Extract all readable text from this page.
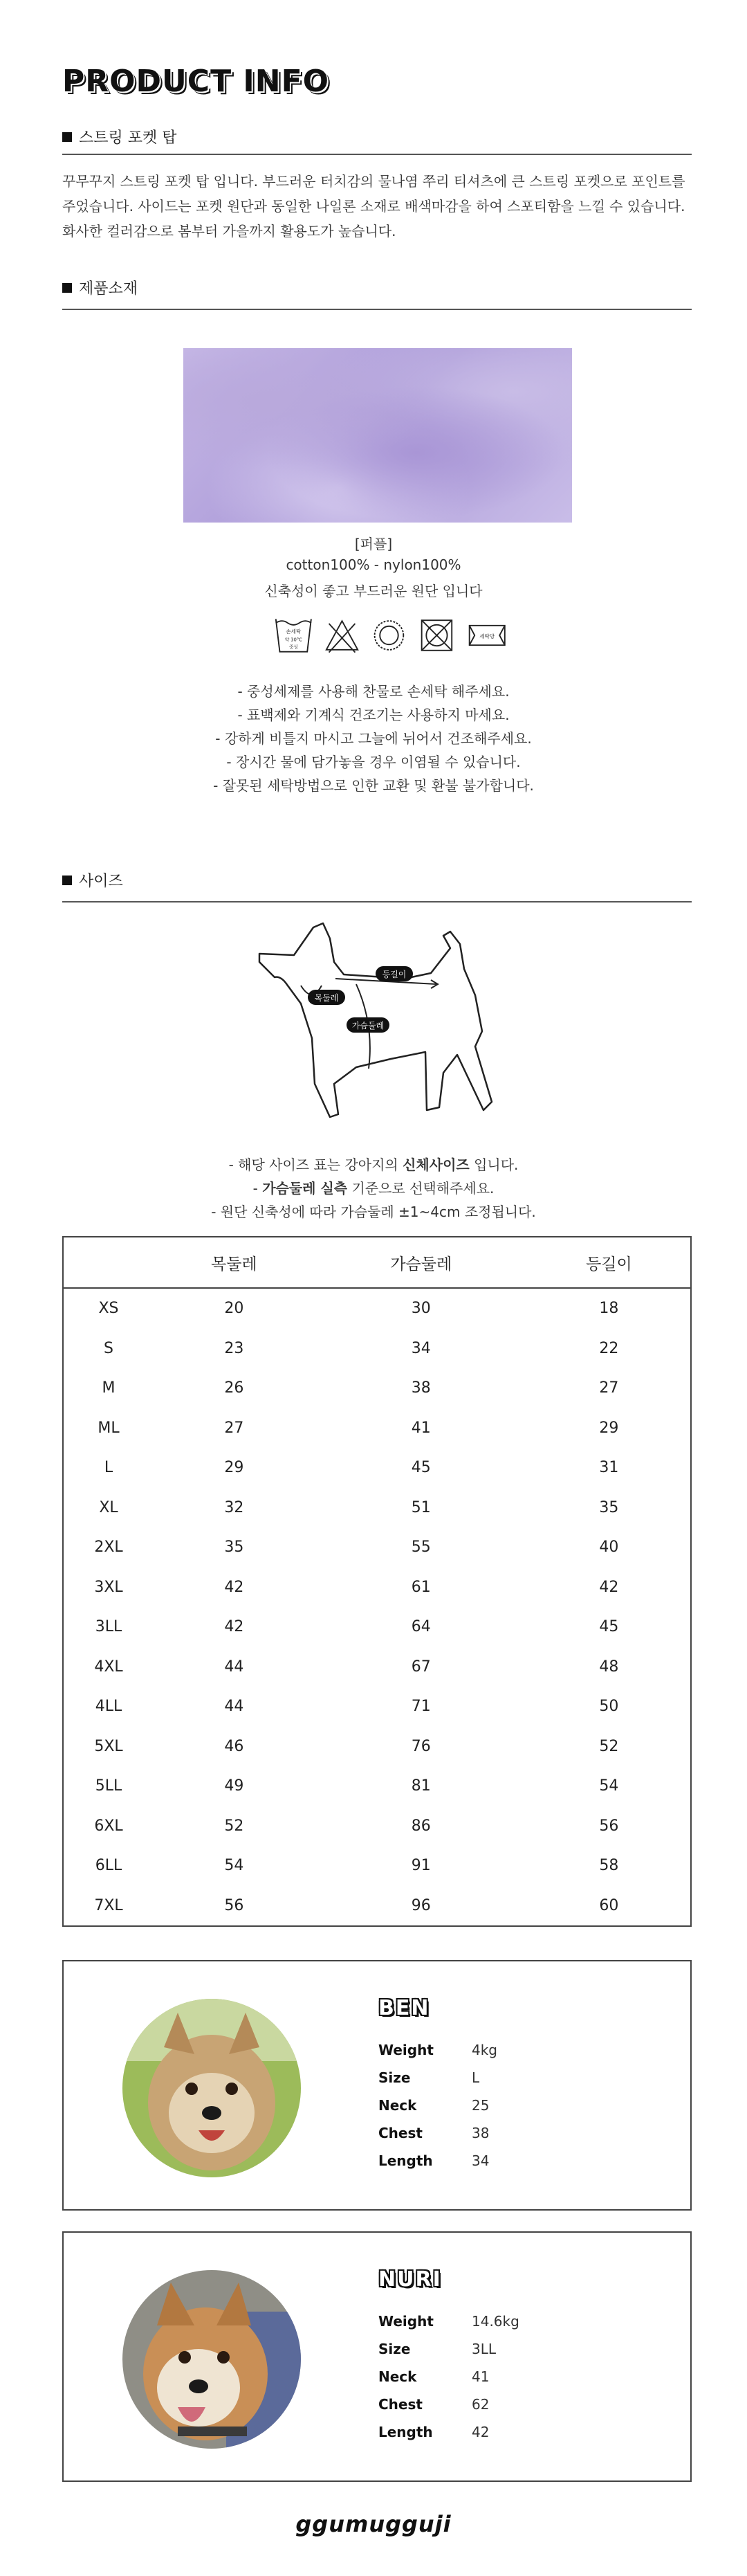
PRODUCT INFO
스트링 포켓 탑
꾸무꾸지 스트링 포켓 탑 입니다. 부드러운 터치감의 물나염 쭈리 티셔츠에 큰 스트링 포켓으로 포인트를
주었습니다. 사이드는 포켓 원단과 동일한 나일론 소재로 배색마감을 하여 스포티함을 느낄 수 있습니다.
화사한 컬러감으로 봄부터 가을까지 활용도가 높습니다.
제품소재
[퍼플]
cotton100% - nylon100%
신축성이 좋고 부드러운 원단 입니다
손세탁
약 30°C
중성
세탁망
- 중성세제를 사용해 찬물로 손세탁 해주세요.
- 표백제와 기계식 건조기는 사용하지 마세요.
- 강하게 비틀지 마시고 그늘에 뉘어서 건조해주세요.
- 장시간 물에 담가놓을 경우 이염될 수 있습니다.
- 잘못된 세탁방법으로 인한 교환 및 환불 불가합니다.
사이즈
목둘레
등길이
가슴둘레
- 해당 사이즈 표는 강아지의 신체사이즈 입니다.
- 가슴둘레 실측 기준으로 선택해주세요.
- 원단 신축성에 따라 가슴둘레 ±1~4cm 조정됩니다.
	목둘레	가슴둘레	등길이
XS	20	30	18
S	23	34	22
M	26	38	27
ML	27	41	29
L	29	45	31
XL	32	51	35
2XL	35	55	40
3XL	42	61	42
3LL	42	64	45
4XL	44	67	48
4LL	44	71	50
5XL	46	76	52
5LL	49	81	54
6XL	52	86	56
6LL	54	91	58
7XL	56	96	60
BEN
Weight	4kg
Size	L
Neck	25
Chest	38
Length	34
NURI
Weight	14.6kg
Size	3LL
Neck	41
Chest	62
Length	42
ggumugguji
